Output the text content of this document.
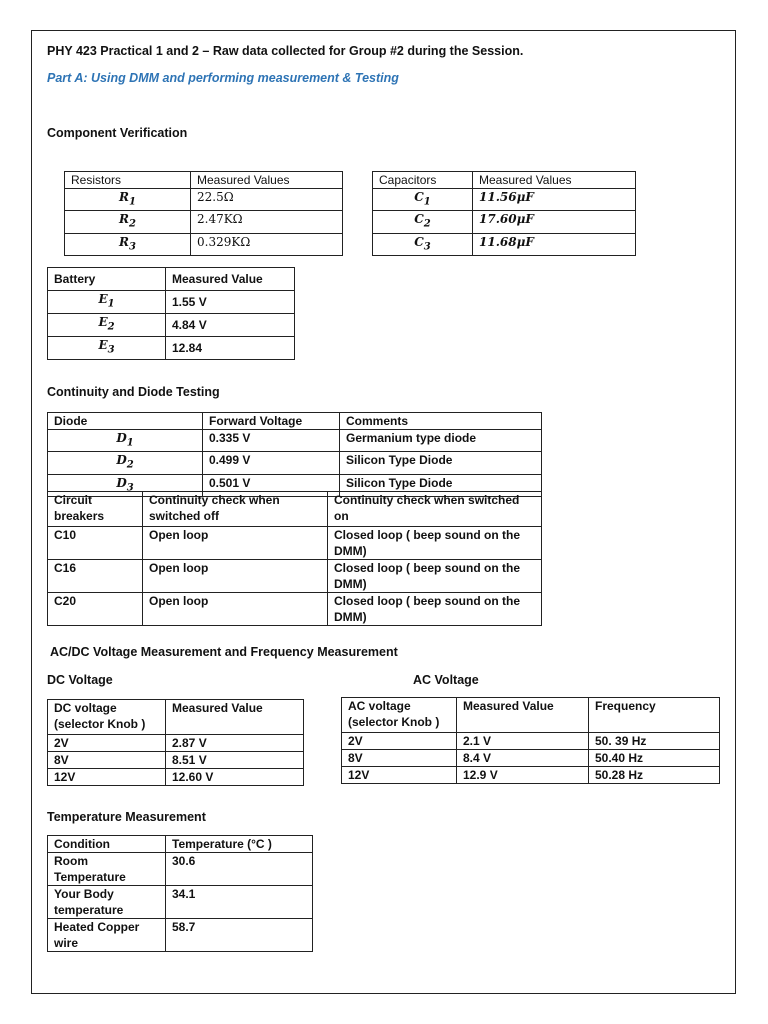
PHY 423 Practical 1 and 2 – Raw data collected for Group #2 during the Session.
Part A: Using DMM and performing measurement & Testing
Component Verification
Resistors	Measured Values
$R_1$	22.5Ω
$R_2$	2.47KΩ
$R_3$	0.329KΩ
Capacitors	Measured Values
$C_1$	11.56μF
$C_2$	17.60μF
$C_3$	11.68μF
Battery	Measured Value
$E_1$	1.55 V
$E_2$	4.84 V
$E_3$	12.84
Continuity and Diode Testing
Diode	Forward Voltage	Comments
$D_1$	0.335 V	Germanium type diode
$D_2$	0.499 V	Silicon Type Diode
$D_3$	0.501 V	Silicon Type Diode
Circuit breakers	Continuity check when switched off	Continuity check when switched on
C10	Open loop	Closed loop ( beep sound on the DMM)
C16	Open loop	Closed loop ( beep sound on the DMM)
C20	Open loop	Closed loop ( beep sound on the DMM)
AC/DC Voltage Measurement and Frequency Measurement
DC Voltage	AC Voltage
DC voltage (selector Knob )	Measured Value
2V	2.87 V
8V	8.51 V
12V	12.60 V
AC voltage (selector Knob )	Measured Value	Frequency
2V	2.1 V	50. 39 Hz
8V	8.4 V	50.40 Hz
12V	12.9 V	50.28 Hz
Temperature Measurement
Condition	Temperature (°C )
Room Temperature	30.6
Your Body temperature	34.1
Heated Copper wire	58.7
